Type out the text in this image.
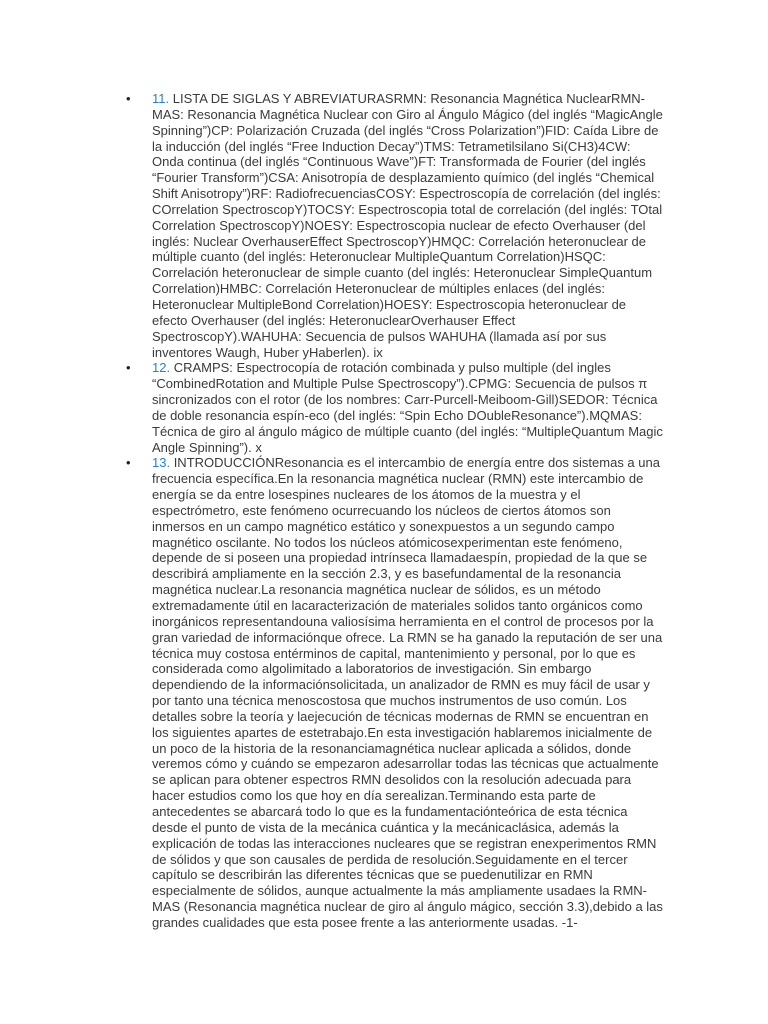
• 11. LISTA DE SIGLAS Y ABREVIATURASRMN: Resonancia Magnética NuclearRMN-MAS: Resonancia Magnética Nuclear con Giro al Ángulo Mágico (del inglés “MagicAngle Spinning”)CP: Polarización Cruzada (del inglés “Cross Polarization”)FID: Caída Libre de la inducción (del inglés “Free Induction Decay”)TMS: Tetrametilsilano Si(CH3)4CW: Onda continua (del inglés “Continuous Wave”)FT: Transformada de Fourier (del inglés “Fourier Transform”)CSA: Anisotropía de desplazamiento químico (del inglés “Chemical Shift Anisotropy”)RF: RadiofrecuenciasCOSY: Espectroscopía de correlación (del inglés: COrrelation SpectroscopY)TOCSY: Espectroscopia total de correlación (del inglés: TOtal Correlation SpectroscopY)NOESY: Espectroscopia nuclear de efecto Overhauser (del inglés: Nuclear OverhauserEffect SpectroscopY)HMQC: Correlación heteronuclear de múltiple cuanto (del inglés: Heteronuclear MultipleQuantum Correlation)HSQC: Correlación heteronuclear de simple cuanto (del inglés: Heteronuclear SimpleQuantum Correlation)HMBC: Correlación Heteronuclear de múltiples enlaces (del inglés: Heteronuclear MultipleBond Correlation)HOESY: Espectroscopia heteronuclear de efecto Overhauser (del inglés: HeteronuclearOverhauser Effect SpectroscopY).WAHUHA: Secuencia de pulsos WAHUHA (llamada así por sus inventores Waugh, Huber yHaberlen). ix
• 12. CRAMPS: Espectrocopía de rotación combinada y pulso multiple (del ingles “CombinedRotation and Multiple Pulse Spectroscopy”).CPMG: Secuencia de pulsos π sincronizados con el rotor (de los nombres: Carr-Purcell-Meiboom-Gill)SEDOR: Técnica de doble resonancia espín-eco (del inglés: “Spin Echo DOubleResonance”).MQMAS: Técnica de giro al ángulo mágico de múltiple cuanto (del inglés: “MultipleQuantum Magic Angle Spinning”). x
• 13. INTRODUCCIÓNResonancia es el intercambio de energía entre dos sistemas a una frecuencia específica.En la resonancia magnética nuclear (RMN) este intercambio de energía se da entre losespines nucleares de los átomos de la muestra y el espectrómetro, este fenómeno ocurrecuando los núcleos de ciertos átomos son inmersos en un campo magnético estático y sonexpuestos a un segundo campo magnético oscilante. No todos los núcleos atómicosexperimentan este fenómeno, depende de si poseen una propiedad intrínseca llamadaespín, propiedad de la que se describirá ampliamente en la sección 2.3, y es basefundamental de la resonancia magnética nuclear.La resonancia magnética nuclear de sólidos, es un método extremadamente útil en lacaracterización de materiales solidos tanto orgánicos como inorgánicos representandouna valiosísima herramienta en el control de procesos por la gran variedad de informaciónque ofrece. La RMN se ha ganado la reputación de ser una técnica muy costosa entérminos de capital, mantenimiento y personal, por lo que es considerada como algolimitado a laboratorios de investigación. Sin embargo dependiendo de la informaciónsolicitada, un analizador de RMN es muy fácil de usar y por tanto una técnica menoscostosa que muchos instrumentos de uso común. Los detalles sobre la teoría y laejecución de técnicas modernas de RMN se encuentran en los siguientes apartes de estetrabajo.En esta investigación hablaremos inicialmente de un poco de la historia de la resonanciamagnética nuclear aplicada a sólidos, donde veremos cómo y cuándo se empezaron adesarrollar todas las técnicas que actualmente se aplican para obtener espectros RMN desolidos con la resolución adecuada para hacer estudios como los que hoy en día serealizan.Terminando esta parte de antecedentes se abarcará todo lo que es la fundamentaciónteórica de esta técnica desde el punto de vista de la mecánica cuántica y la mecánicaclásica, además la explicación de todas las interacciones nucleares que se registran enexperimentos RMN de sólidos y que son causales de perdida de resolución.Seguidamente en el tercer capítulo se describirán las diferentes técnicas que se puedenutilizar en RMN especialmente de sólidos, aunque actualmente la más ampliamente usadaes la RMN-MAS (Resonancia magnética nuclear de giro al ángulo mágico, sección 3.3),debido a las grandes cualidades que esta posee frente a las anteriormente usadas. -1-
